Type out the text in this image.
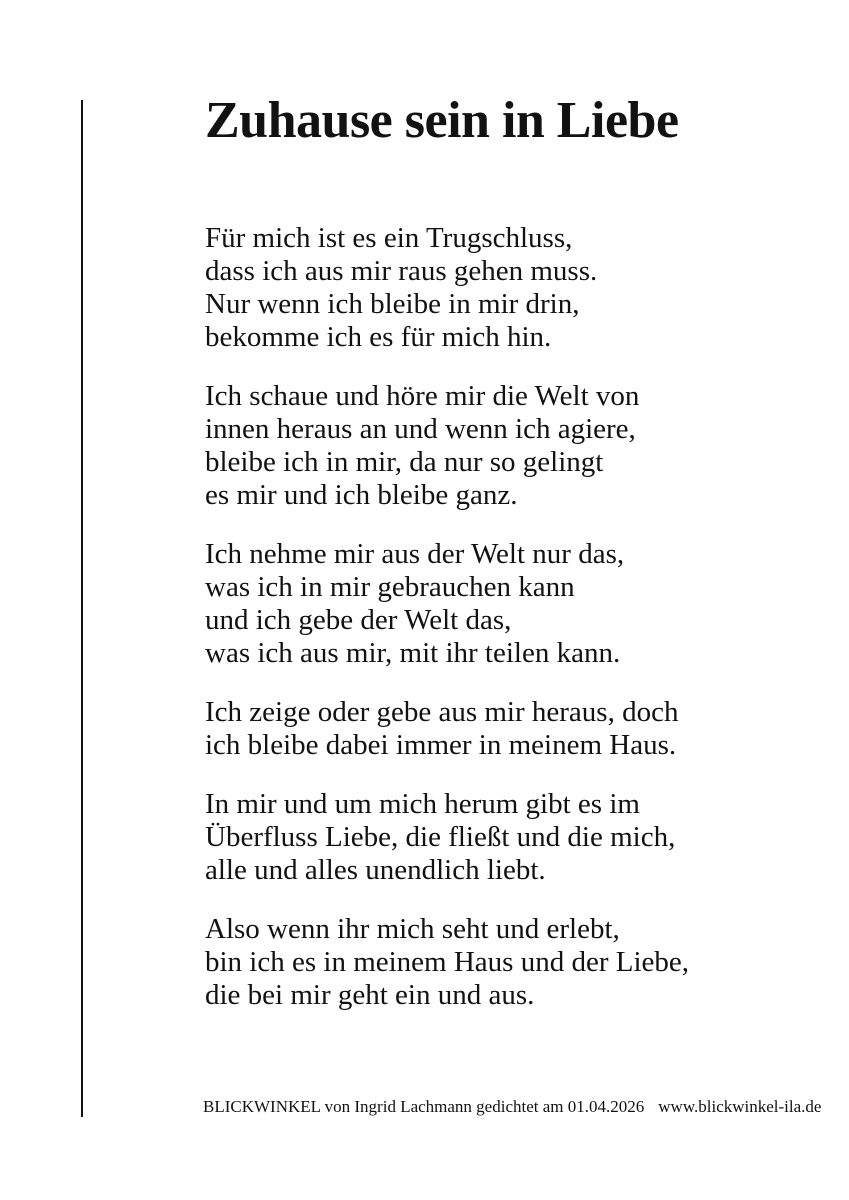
Zuhause sein in Liebe
Für mich ist es ein Trugschluss,
dass ich aus mir raus gehen muss.
Nur wenn ich bleibe in mir drin,
bekomme ich es für mich hin.
Ich schaue und höre mir die Welt von
innen heraus an und wenn ich agiere,
bleibe ich in mir, da nur so gelingt
es mir und ich bleibe ganz.
Ich nehme mir aus der Welt nur das,
was ich in mir gebrauchen kann
und ich gebe der Welt das,
was ich aus mir, mit ihr teilen kann.
Ich zeige oder gebe aus mir heraus, doch
ich bleibe dabei immer in meinem Haus.
In mir und um mich herum gibt es im
Überfluss Liebe, die fließt und die mich,
alle und alles unendlich liebt.
Also wenn ihr mich seht und erlebt,
bin ich es in meinem Haus und der Liebe,
die bei mir geht ein und aus.
BLICKWINKEL von Ingrid Lachmann gedichtet am 01.04.2026 www.blickwinkel-ila.de
